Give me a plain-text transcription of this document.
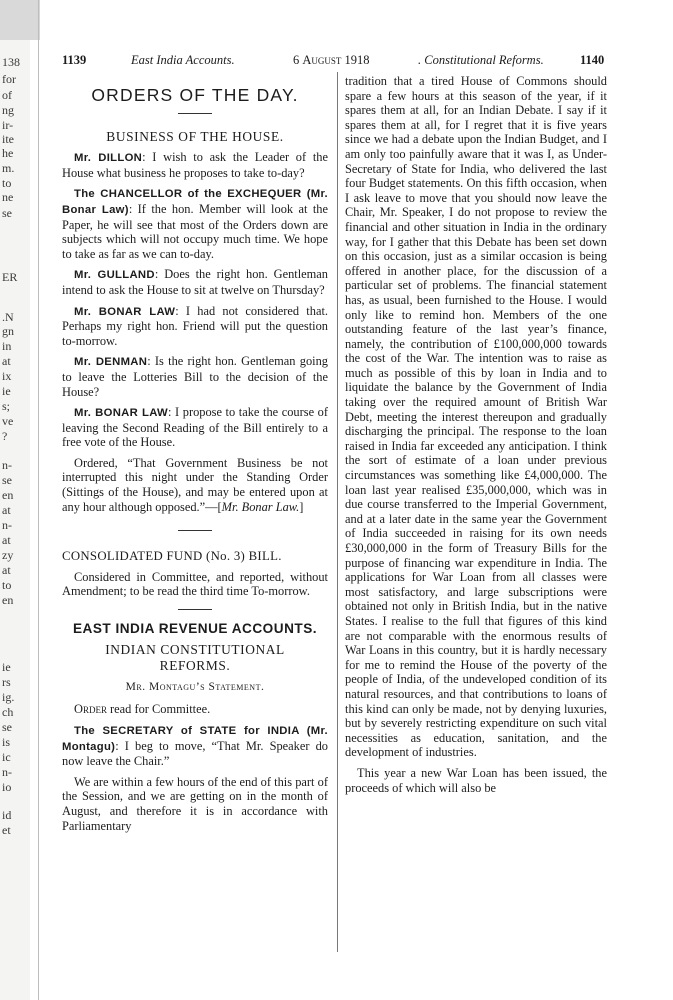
138
for
of
ng
ir-
ite
he
m.
to
ne
se
ER
.N
gn
in
at
ix
ie
s;
ve
?
n-
se
en
at
n-
at
zy
at
to
en
ie
rs
ig.
ch
se
is
ic
n-
io
id
et
1139	East India Accounts.	6 August 1918	. Constitutional Reforms.	1140
ORDERS OF THE DAY.
BUSINESS OF THE HOUSE.

Mr. DILLON: I wish to ask the Leader of the House what business he proposes to take to-day?

The CHANCELLOR of the EXCHEQUER (Mr. Bonar Law): If the hon. Member will look at the Paper, he will see that most of the Orders down are subjects which will not occupy much time. We hope to take as far as we can to-day.

Mr. GULLAND: Does the right hon. Gentleman intend to ask the House to sit at twelve on Thursday?

Mr. BONAR LAW: I had not considered that. Perhaps my right hon. Friend will put the question to-morrow.

Mr. DENMAN: Is the right hon. Gentleman going to leave the Lotteries Bill to the decision of the House?

Mr. BONAR LAW: I propose to take the course of leaving the Second Reading of the Bill entirely to a free vote of the House.

Ordered, “That Government Business be not interrupted this night under the Standing Order (Sittings of the House), and may be entered upon at any hour although opposed.”—[Mr. Bonar Law.]

CONSOLIDATED FUND (No. 3) BILL.

Considered in Committee, and reported, without Amendment; to be read the third time To-morrow.

EAST INDIA REVENUE ACCOUNTS.
INDIAN CONSTITUTIONAL
REFORMS.
Mr. Montagu’s Statement.

Order read for Committee.

The SECRETARY of STATE for INDIA (Mr. Montagu): I beg to move, “That Mr. Speaker do now leave the Chair.”

We are within a few hours of the end of this part of the Session, and we are getting on in the month of August, and therefore it is in accordance with Parliamentary

tradition that a tired House of Commons should spare a few hours at this season of the year, if it spares them at all, for an Indian Debate. I say if it spares them at all, for I regret that it is five years since we had a debate upon the Indian Budget, and I am only too painfully aware that it was I, as Under-Secretary of State for India, who delivered the last four Budget statements. On this fifth occasion, when I ask leave to move that you should now leave the Chair, Mr. Speaker, I do not propose to review the financial and other situation in India in the ordinary way, for I gather that this Debate has been set down on this occasion, just as a similar occasion is being offered in another place, for the discussion of a particular set of problems. The financial statement has, as usual, been furnished to the House. I would only like to remind hon. Members of the one outstanding feature of the last year’s finance, namely, the contribution of £100,000,000 towards the cost of the War. The intention was to raise as much as possible of this by loan in India and to liquidate the balance by the Government of India taking over the required amount of British War Debt, meeting the interest thereupon and gradually discharging the principal. The response to the loan raised in India far exceeded any anticipation. I think the sort of estimate of a loan under previous circumstances was something like £4,000,000. The loan last year realised £35,000,000, which was in due course transferred to the Imperial Government, and at a later date in the same year the Government of India succeeded in raising for its own needs £30,000,000 in the form of Treasury Bills for the purpose of financing war expenditure in India. The applications for War Loan from all classes were most satisfactory, and large subscriptions were obtained not only in British India, but in the native States. I realise to the full that figures of this kind are not comparable with the enormous results of War Loans in this country, but it is hardly necessary for me to remind the House of the poverty of the people of India, of the undeveloped condition of its natural resources, and that contributions to loans of this kind can only be made, not by denying luxuries, but by severely restricting expenditure on such vital necessities as education, sanitation, and the development of industries.

This year a new War Loan has been issued, the proceeds of which will also be
